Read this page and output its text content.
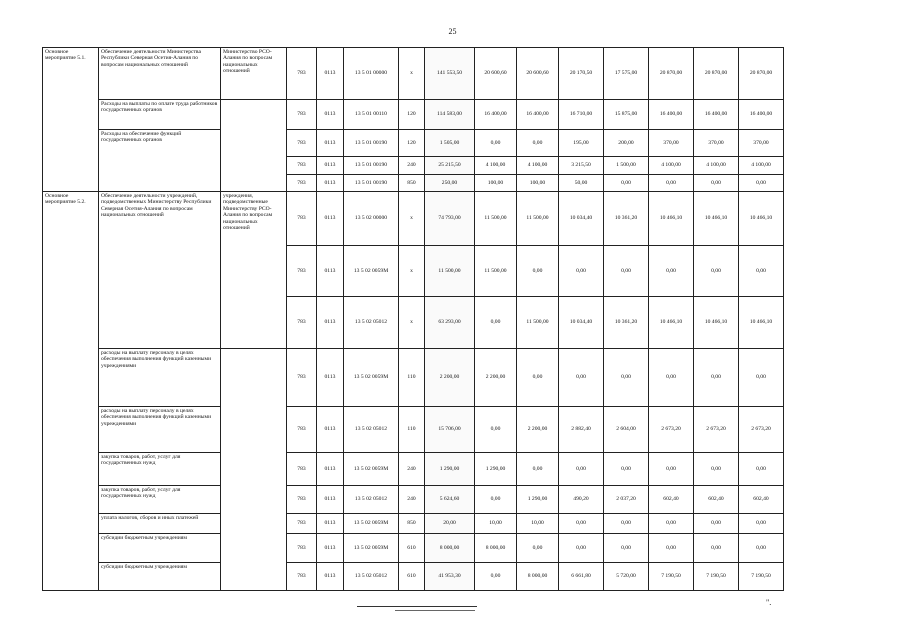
25
Основное мероприятие 5.1.	Обеспечение деятельности Министерства Республики Северная Осетия-Алания по вопросам национальных отношений	Министерство РСО-Алания по вопросам национальных отношений	783	0113	13 5 01 00000	x	141 553,50	20 600,60	20 600,60	20 170,50	17 575,00	20 870,00	20 870,00	20 870,00
	Расходы на выплаты по оплате труда работников государственных органов		783	0113	13 5 01 00110	120	114 583,00	16 400,00	16 400,00	16 710,00	15 875,00	16 400,00	16 400,00	16 400,00
	Расходы на обеспечение функций государственных органов		783	0113	13 5 01 00190	120	1 505,00	0,00	0,00	195,00	200,00	370,00	370,00	370,00
			783	0113	13 5 01 00190	240	25 215,50	4 100,00	4 100,00	3 215,50	1 500,00	4 100,00	4 100,00	4 100,00
			783	0113	13 5 01 00190	850	250,00	100,00	100,00	50,00	0,00	0,00	0,00	0,00
Основное мероприятие 5.2.	Обеспечение деятельности учреждений, подведомственных Министерству Республики Северная Осетия-Алания по вопросам национальных отношений	учреждения, подведомственные Министерству РСО-Алания по вопросам национальных отношений	783	0113	13 5 02 00000	x	74 793,00	11 500,00	11 500,00	10 034,40	10 361,20	10 466,10	10 466,10	10 466,10
			783	0113	13 5 02 0059М	x	11 500,00	11 500,00	0,00	0,00	0,00	0,00	0,00	0,00
			783	0113	13 5 02 05012	x	63 293,00	0,00	11 500,00	10 034,40	10 361,20	10 466,10	10 466,10	10 466,10
	расходы на выплату персоналу в целях обеспечения выполнения функций казенными учреждениями		783	0113	13 5 02 0059М	110	2 200,00	2 200,00	0,00	0,00	0,00	0,00	0,00	0,00
	расходы на выплату персоналу в целях обеспечения выполнения функций казенными учреждениями		783	0113	13 5 02 05012	110	15 706,00	0,00	2 200,00	2 882,40	2 604,00	2 673,20	2 673,20	2 673,20
	закупка товаров, работ, услуг для государственных нужд		783	0113	13 5 02 0059М	240	1 290,00	1 290,00	0,00	0,00	0,00	0,00	0,00	0,00
	закупка товаров, работ, услуг для государственных нужд		783	0113	13 5 02 05012	240	5 624,60	0,00	1 290,00	490,20	2 037,20	602,40	602,40	602,40
	уплата налогов, сборов и иных платежей		783	0113	13 5 02 0059М	850	20,00	10,00	10,00	0,00	0,00	0,00	0,00	0,00
	субсидии бюджетным учреждениям		783	0113	13 5 02 0059М	610	8 000,00	8 000,00	0,00	0,00	0,00	0,00	0,00	0,00
	субсидии бюджетным учреждениям		783	0113	13 5 02 05012	610	41 953,30	0,00	8 000,00	6 661,80	5 720,00	7 190,50	7 190,50	7 190,50
".
